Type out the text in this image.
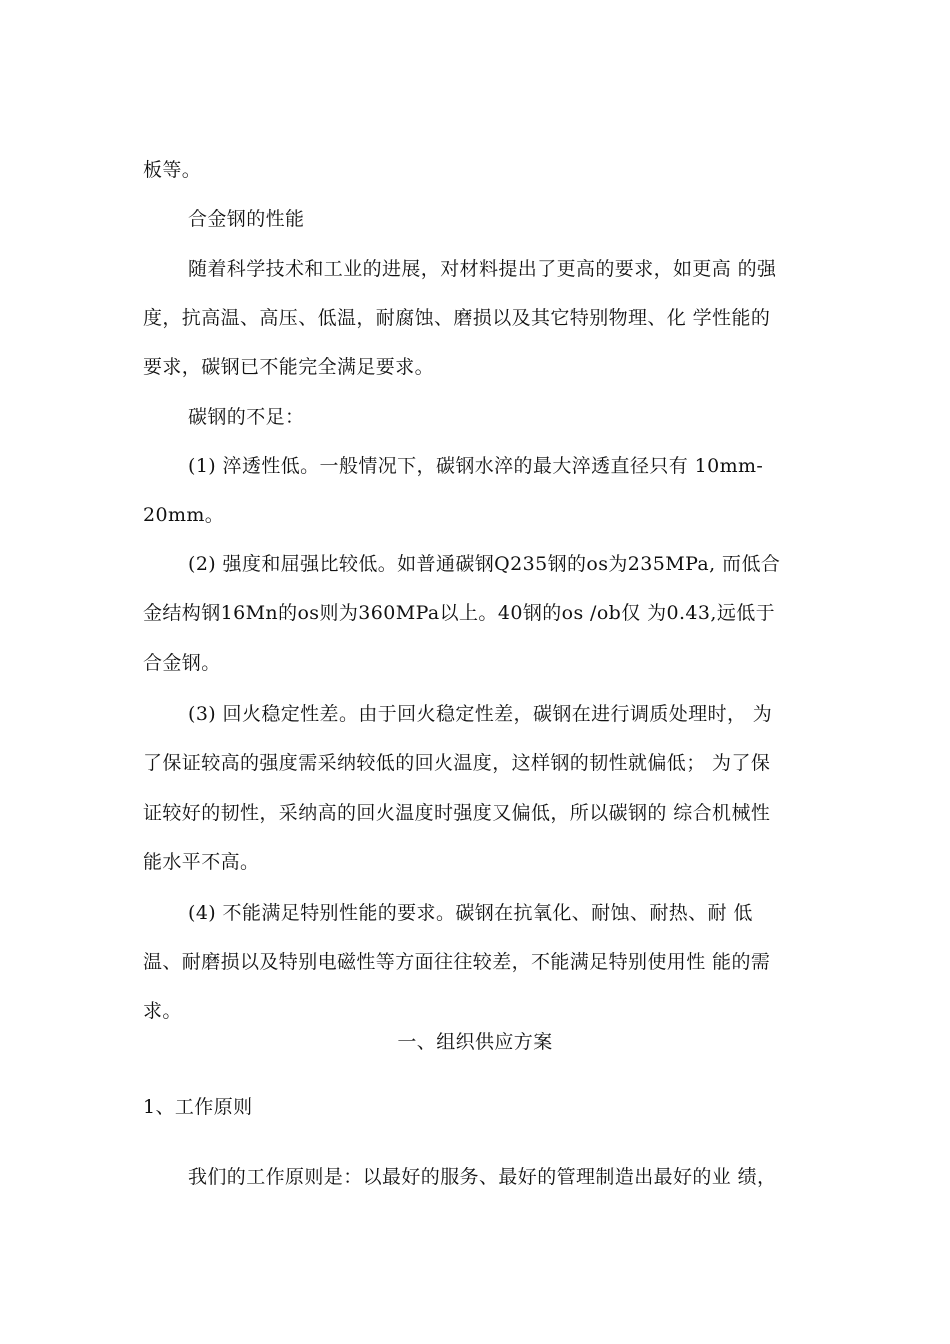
板等。
合金钢的性能
随着科学技术和工业的进展，对材料提出了更高的要求，如更高 的强
度，抗高温、高压、低温，耐腐蚀、磨损以及其它特别物理、化 学性能的
要求，碳钢已不能完全满足要求。
碳钢的不足：
(1) 淬透性低。一般情况下，碳钢水淬的最大淬透直径只有 10mm-
20mm。
(2) 强度和屈强比较低。如普通碳钢Q235钢的os为235MPa, 而低合
金结构钢16Mn的os则为360MPa以上。40钢的os /ob仅 为0.43,远低于
合金钢。
(3) 回火稳定性差。由于回火稳定性差，碳钢在进行调质处理时， 为
了保证较高的强度需采纳较低的回火温度，这样钢的韧性就偏低； 为了保
证较好的韧性，采纳高的回火温度时强度又偏低，所以碳钢的 综合机械性
能水平不高。
(4) 不能满足特别性能的要求。碳钢在抗氧化、耐蚀、耐热、耐 低
温、耐磨损以及特别电磁性等方面往往较差，不能满足特别使用性 能的需
求。
一、组织供应方案
1、工作原则
我们的工作原则是：以最好的服务、最好的管理制造出最好的业 绩，
